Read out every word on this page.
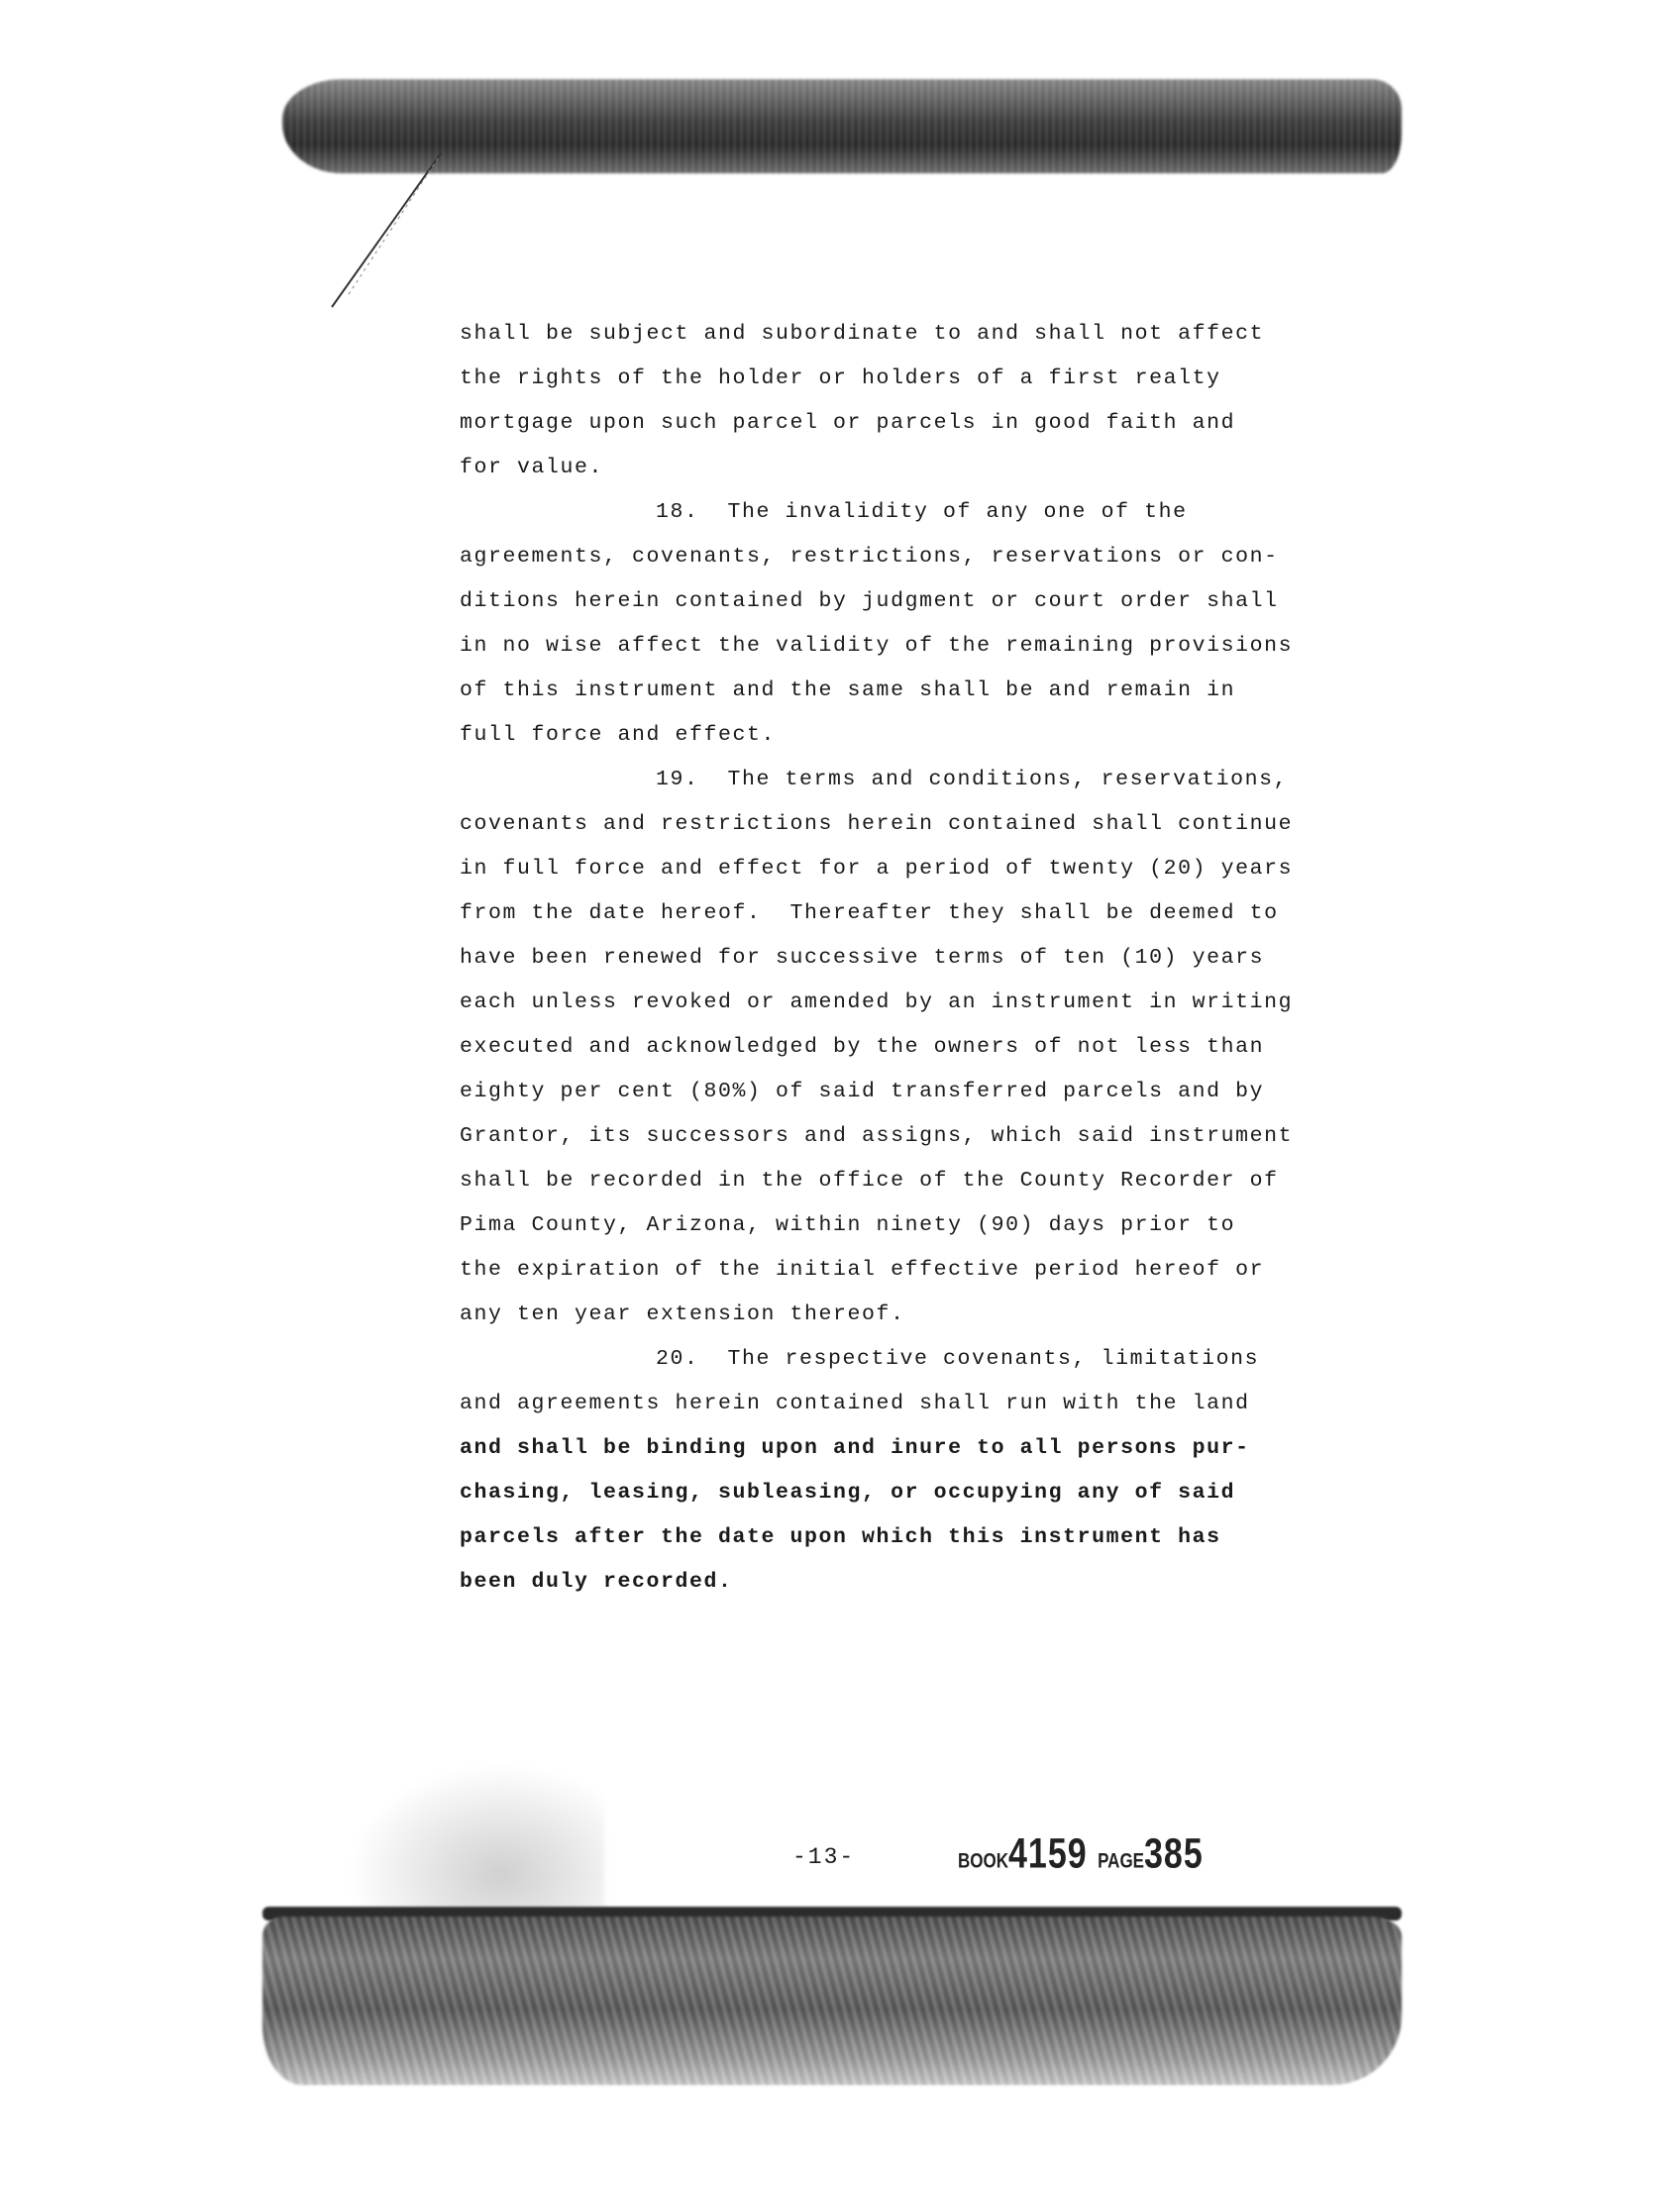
shall be subject and subordinate to and shall not affect
the rights of the holder or holders of a first realty
mortgage upon such parcel or parcels in good faith and
for value.
18.  The invalidity of any one of the
agreements, covenants, restrictions, reservations or con-
ditions herein contained by judgment or court order shall
in no wise affect the validity of the remaining provisions
of this instrument and the same shall be and remain in
full force and effect.
19.  The terms and conditions, reservations,
covenants and restrictions herein contained shall continue
in full force and effect for a period of twenty (20) years
from the date hereof.  Thereafter they shall be deemed to
have been renewed for successive terms of ten (10) years
each unless revoked or amended by an instrument in writing
executed and acknowledged by the owners of not less than
eighty per cent (80%) of said transferred parcels and by
Grantor, its successors and assigns, which said instrument
shall be recorded in the office of the County Recorder of
Pima County, Arizona, within ninety (90) days prior to
the expiration of the initial effective period hereof or
any ten year extension thereof.
20.  The respective covenants, limitations
and agreements herein contained shall run with the land
and shall be binding upon and inure to all persons pur-
chasing, leasing, subleasing, or occupying any of said
parcels after the date upon which this instrument has
been duly recorded.
-13-	BOOK4159 PAGE385
